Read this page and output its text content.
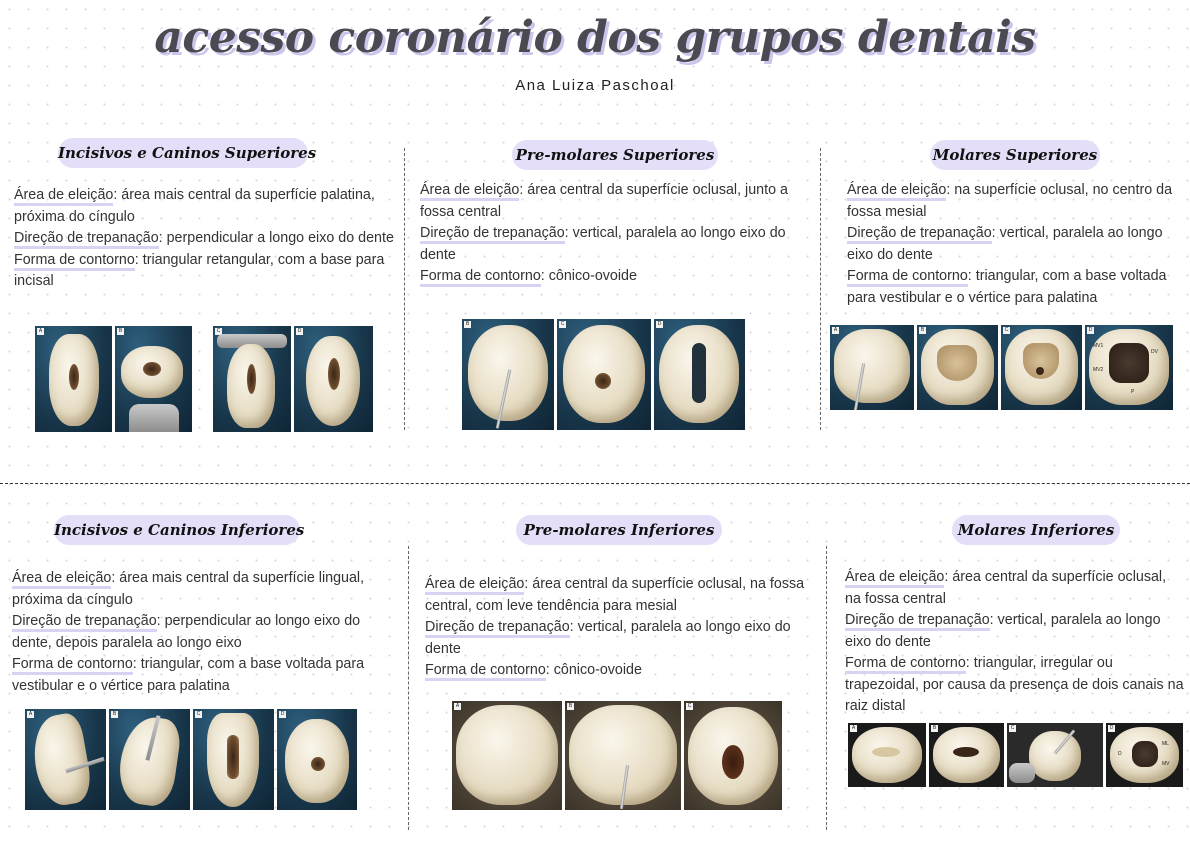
acesso coronário dos grupos dentais
Ana Luiza Paschoal
Incisivos e Caninos Superiores

Área de eleição: área mais central da superfície palatina, próxima do cíngulo

Direção de trepanação: perpendicular a longo eixo do dente

Forma de contorno: triangular retangular, com a base para incisal

A	B	C	D
Pre-molares Superiores

Área de eleição: área central da superfície oclusal, junto a fossa central

Direção de trepanação: vertical, paralela ao longo eixo do dente

Forma de contorno: cônico-ovoide

B	C	D
Molares Superiores

Área de eleição: na superfície oclusal, no centro da fossa mesial

Direção de trepanação: vertical, paralela ao longo eixo do dente

Forma de contorno: triangular, com a base voltada para vestibular e o vértice para palatina

A	B	C	D
MV1
DV
MV2
P
Incisivos e Caninos Inferiores

Área de eleição: área mais central da superfície lingual, próxima da cíngulo

Direção de trepanação: perpendicular ao longo eixo do dente, depois paralela ao longo eixo

Forma de contorno: triangular, com a base voltada para vestibular e o vértice para palatina

A	B	C	D
Pre-molares Inferiores

Área de eleição: área central da superfície oclusal, na fossa central, com leve tendência para mesial

Direção de trepanação: vertical, paralela ao longo eixo do dente

Forma de contorno: cônico-ovoide

A	B	C
Molares Inferiores

Área de eleição: área central da superfície oclusal, na fossa central

Direção de trepanação: vertical, paralela ao longo eixo do dente

Forma de contorno: triangular, irregular ou trapezoidal, por causa da presença de dois canais na raiz distal

A	B	C	D
ML
D
MV
